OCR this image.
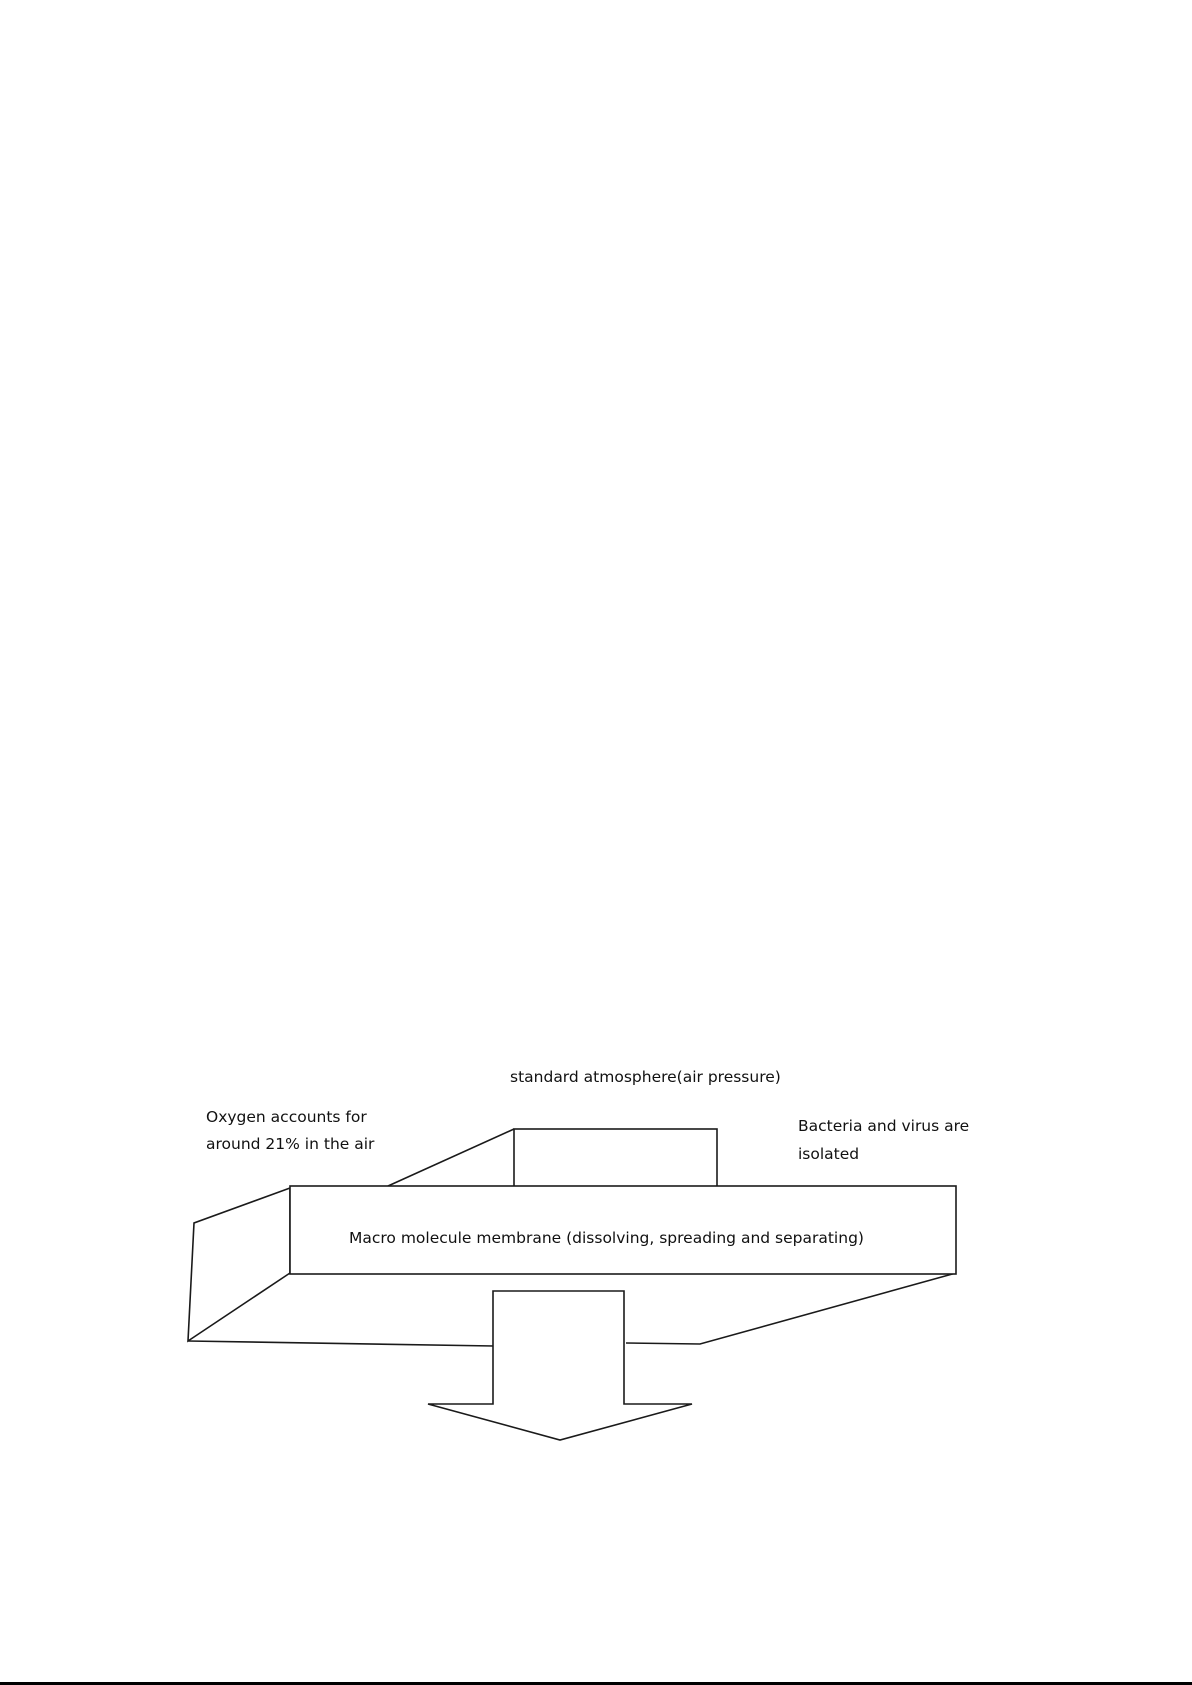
standard atmosphere(air pressure)
Oxygen accounts for
around 21% in the air
Bacteria and virus are
isolated
Macro molecule membrane (dissolving, spreading and separating)
